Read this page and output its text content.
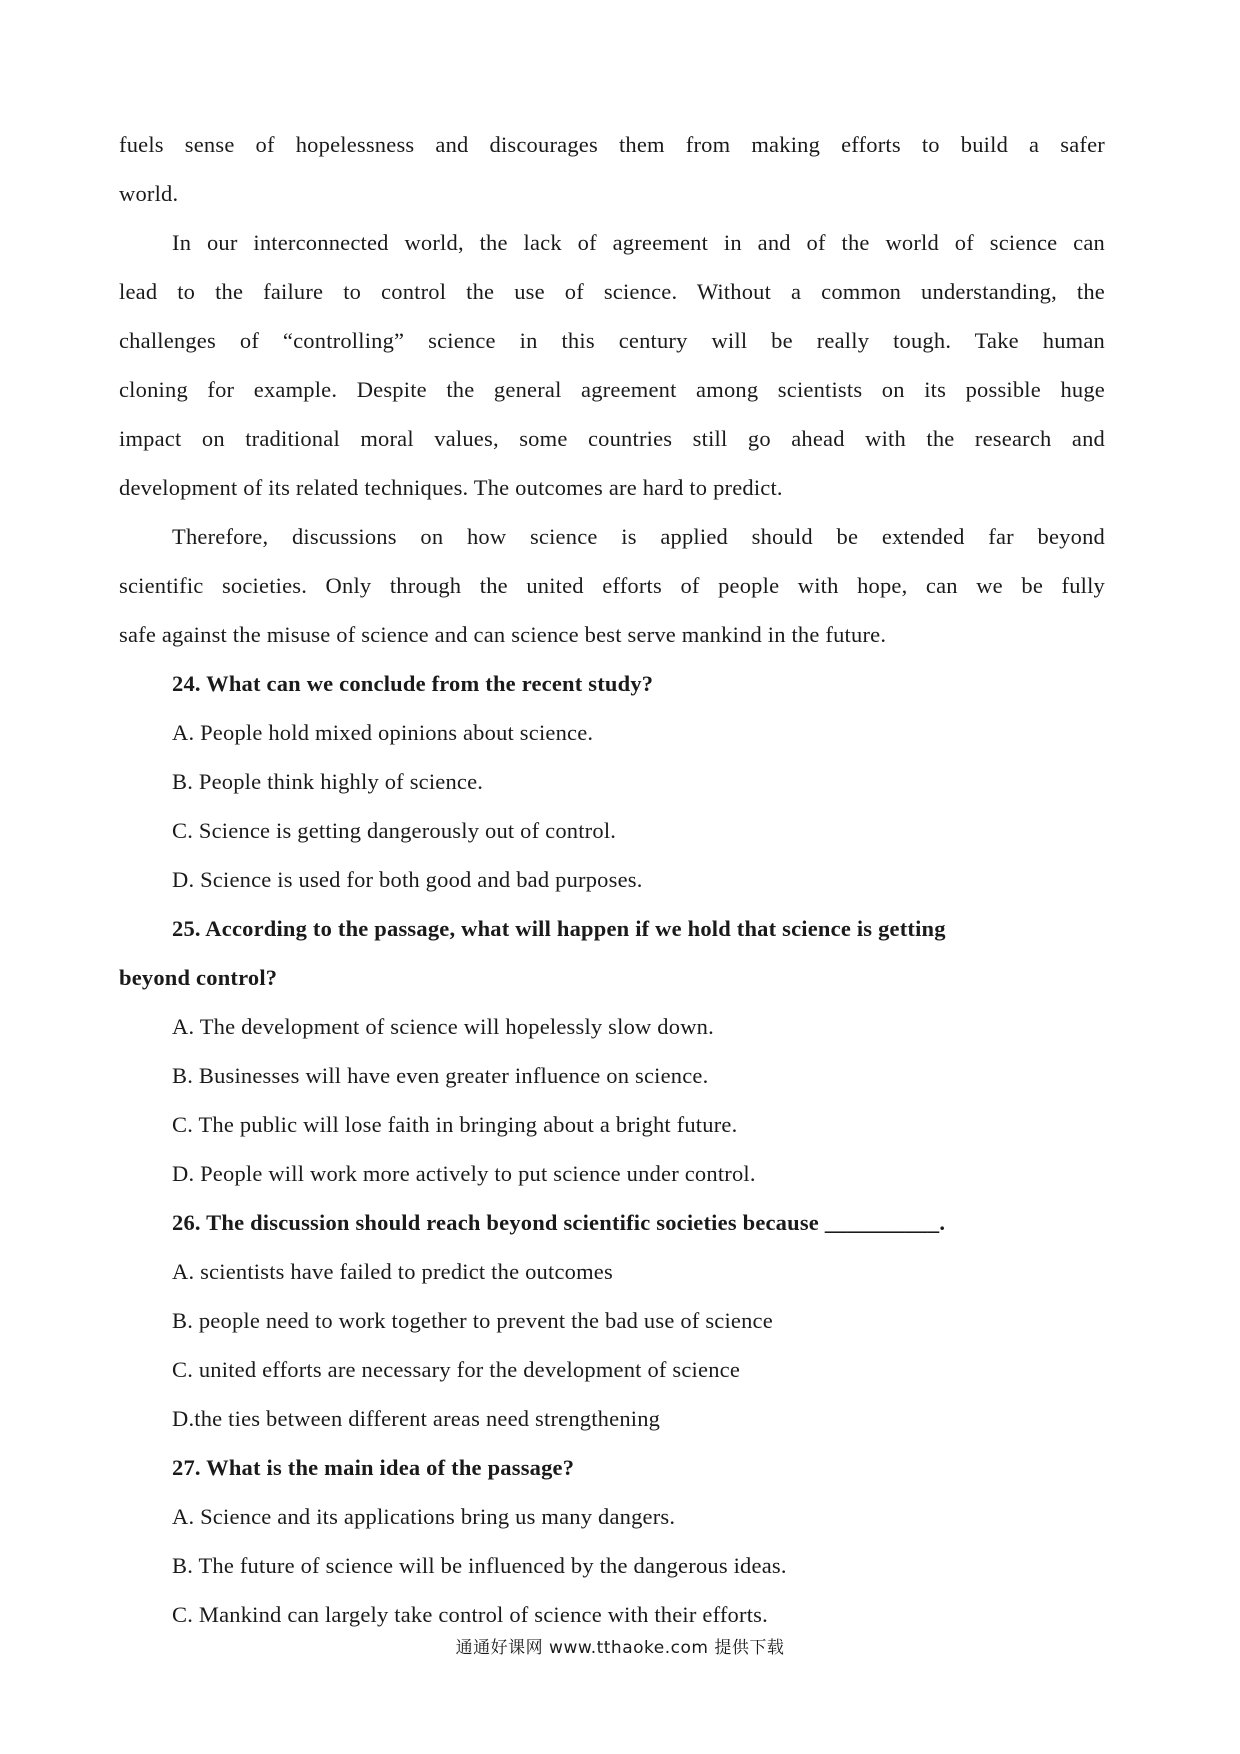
fuels sense of hopelessness and discourages them from making efforts to build a safer
world.
In our interconnected world, the lack of agreement in and of the world of science can
lead to the failure to control the use of science. Without a common understanding, the
challenges of “controlling” science in this century will be really tough. Take human
cloning for example. Despite the general agreement among scientists on its possible huge
impact on traditional moral values, some countries still go ahead with the research and
development of its related techniques. The outcomes are hard to predict.
Therefore, discussions on how science is applied should be extended far beyond
scientific societies. Only through the united efforts of people with hope, can we be fully
safe against the misuse of science and can science best serve mankind in the future.
24. What can we conclude from the recent study?
A. People hold mixed opinions about science.
B. People think highly of science.
C. Science is getting dangerously out of control.
D. Science is used for both good and bad purposes.
25. According to the passage, what will happen if we hold that science is getting
beyond control?
A. The development of science will hopelessly slow down.
B. Businesses will have even greater influence on science.
C. The public will lose faith in bringing about a bright future.
D. People will work more actively to put science under control.
26. The discussion should reach beyond scientific societies because __________.
A. scientists have failed to predict the outcomes
B. people need to work together to prevent the bad use of science
C. united efforts are necessary for the development of science
D.the ties between different areas need strengthening
27. What is the main idea of the passage?
A. Science and its applications bring us many dangers.
B. The future of science will be influenced by the dangerous ideas.
C. Mankind can largely take control of science with their efforts.
通通好课网 www.tthaoke.com 提供下载
